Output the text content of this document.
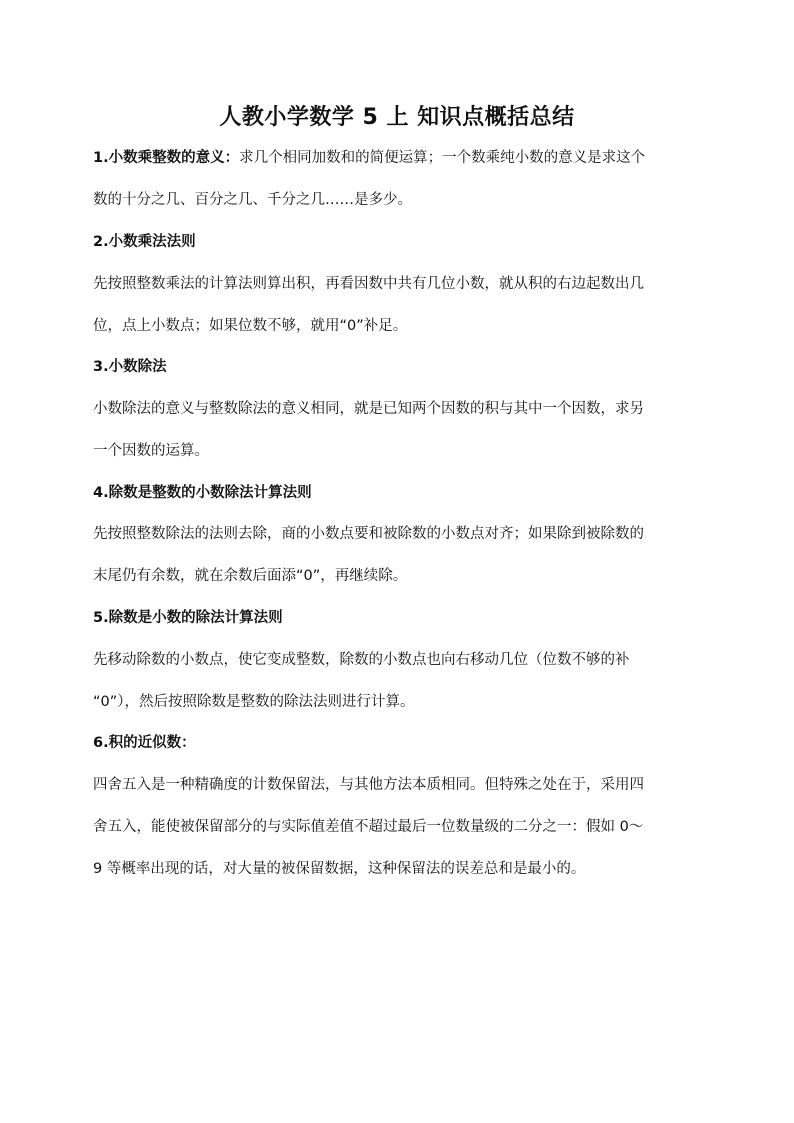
人教小学数学 5 上 知识点概括总结
1.小数乘整数的意义：求几个相同加数和的简便运算；一个数乘纯小数的意义是求这个
数的十分之几、百分之几、千分之几……是多少。
2.小数乘法法则
先按照整数乘法的计算法则算出积，再看因数中共有几位小数，就从积的右边起数出几
位，点上小数点；如果位数不够，就用“0”补足。
3.小数除法
小数除法的意义与整数除法的意义相同，就是已知两个因数的积与其中一个因数，求另
一个因数的运算。
4.除数是整数的小数除法计算法则
先按照整数除法的法则去除，商的小数点要和被除数的小数点对齐；如果除到被除数的
末尾仍有余数，就在余数后面添“0”，再继续除。
5.除数是小数的除法计算法则
先移动除数的小数点，使它变成整数，除数的小数点也向右移动几位（位数不够的补
“0”），然后按照除数是整数的除法法则进行计算。
6.积的近似数：
四舍五入是一种精确度的计数保留法，与其他方法本质相同。但特殊之处在于，采用四
舍五入，能使被保留部分的与实际值差值不超过最后一位数量级的二分之一：假如 0～
9 等概率出现的话，对大量的被保留数据，这种保留法的误差总和是最小的。
